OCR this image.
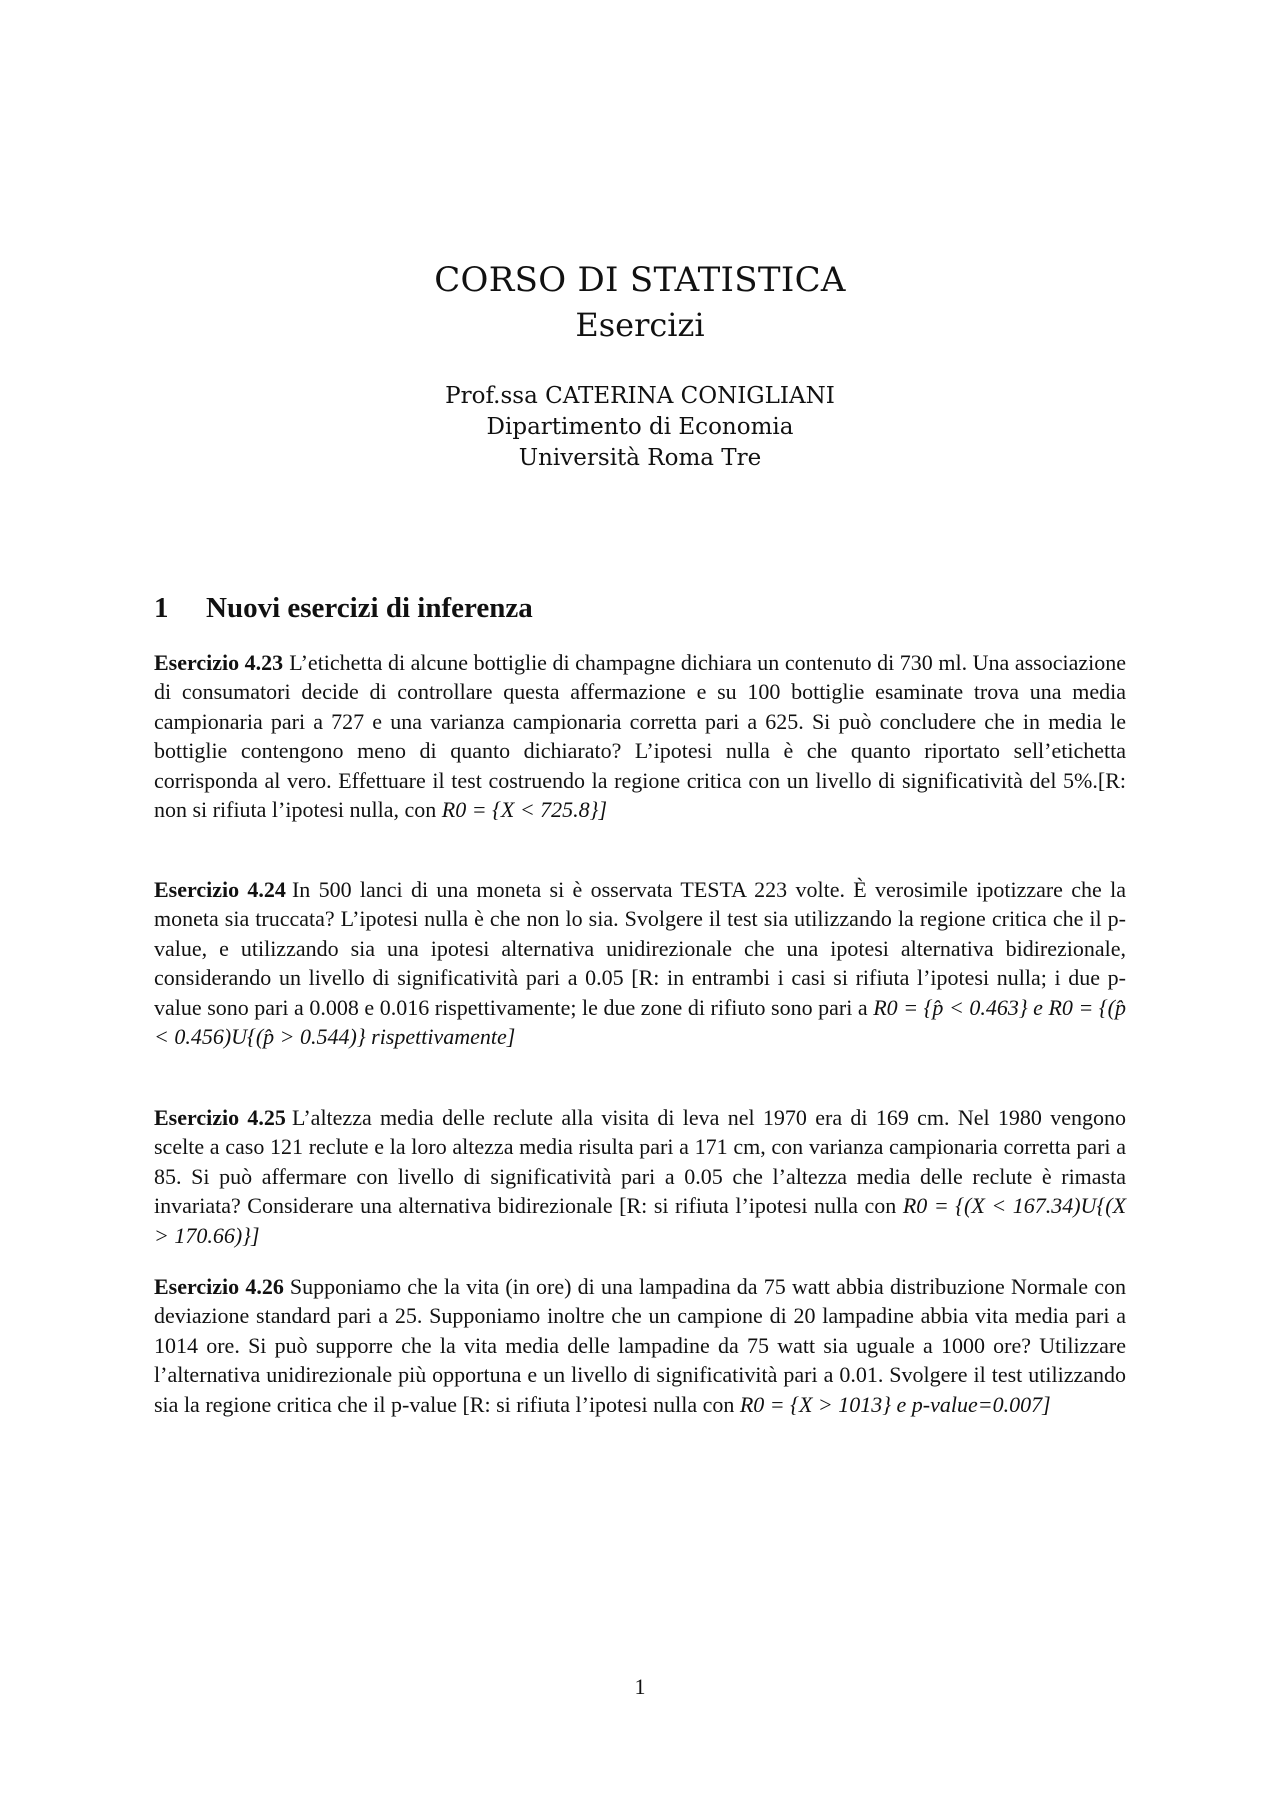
CORSO DI STATISTICA
Esercizi
Prof.ssa CATERINA CONIGLIANI
Dipartimento di Economia
Università Roma Tre
1 Nuovi esercizi di inferenza
Esercizio 4.23 L’etichetta di alcune bottiglie di champagne dichiara un contenuto di 730 ml. Una associazione di consumatori decide di controllare questa affermazione e su 100 bottiglie esaminate trova una media campionaria pari a 727 e una varianza campionaria corretta pari a 625. Si può concludere che in media le bottiglie contengono meno di quanto dichiarato? L’ipotesi nulla è che quanto riportato sell’etichetta corrisponda al vero. Effettuare il test costruendo la regione critica con un livello di significatività del 5%.[R: non si rifiuta l’ipotesi nulla, con R0 = {X < 725.8}]
Esercizio 4.24 In 500 lanci di una moneta si è osservata TESTA 223 volte. È verosimile ipotizzare che la moneta sia truccata? L’ipotesi nulla è che non lo sia. Svolgere il test sia utilizzando la regione critica che il p-value, e utilizzando sia una ipotesi alternativa unidirezionale che una ipotesi alternativa bidirezionale, considerando un livello di significatività pari a 0.05 [R: in entrambi i casi si rifiuta l’ipotesi nulla; i due p-value sono pari a 0.008 e 0.016 rispettivamente; le due zone di rifiuto sono pari a R0 = {p̂ < 0.463} e R0 = {(p̂ < 0.456)U{(p̂ > 0.544)} rispettivamente]
Esercizio 4.25 L’altezza media delle reclute alla visita di leva nel 1970 era di 169 cm. Nel 1980 vengono scelte a caso 121 reclute e la loro altezza media risulta pari a 171 cm, con varianza campionaria corretta pari a 85. Si può affermare con livello di significatività pari a 0.05 che l’altezza media delle reclute è rimasta invariata? Considerare una alternativa bidirezionale [R: si rifiuta l’ipotesi nulla con R0 = {(X < 167.34)U{(X > 170.66)}]
Esercizio 4.26 Supponiamo che la vita (in ore) di una lampadina da 75 watt abbia distribuzione Normale con deviazione standard pari a 25. Supponiamo inoltre che un campione di 20 lampadine abbia vita media pari a 1014 ore. Si può supporre che la vita media delle lampadine da 75 watt sia uguale a 1000 ore? Utilizzare l’alternativa unidirezionale più opportuna e un livello di significatività pari a 0.01. Svolgere il test utilizzando sia la regione critica che il p-value [R: si rifiuta l’ipotesi nulla con R0 = {X > 1013} e p-value=0.007]
1
